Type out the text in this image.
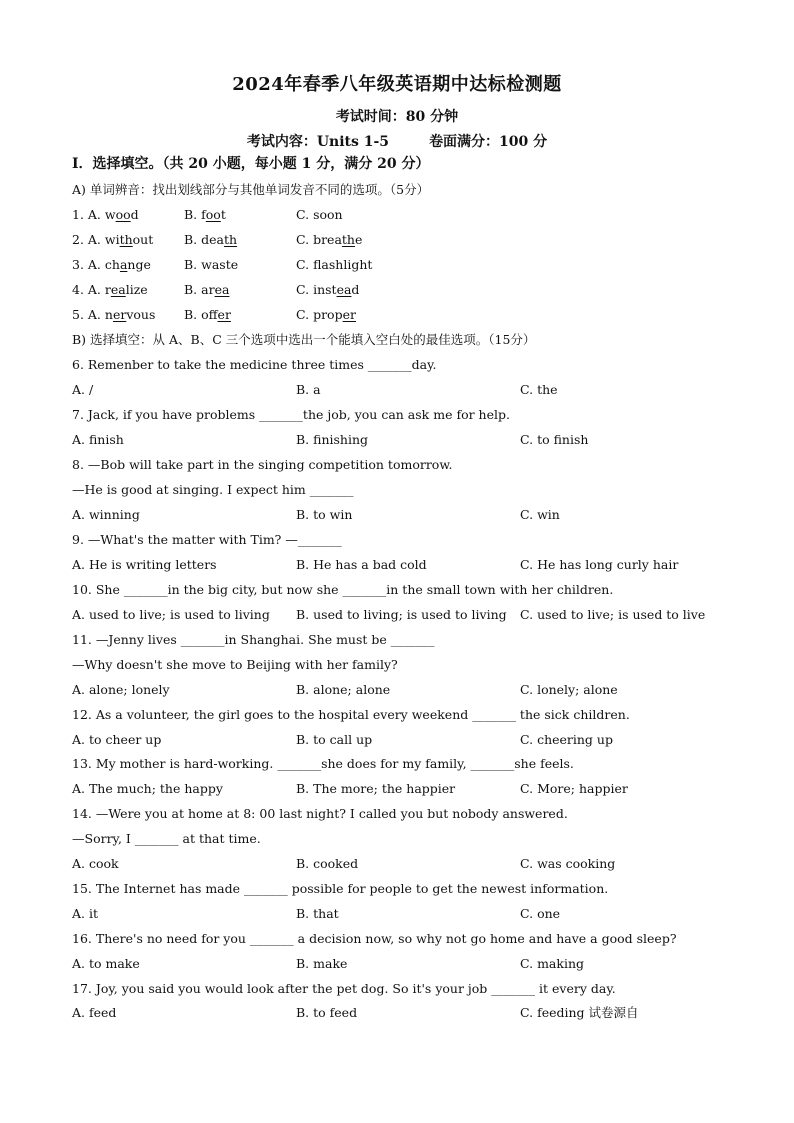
2024年春季八年级英语期中达标检测题
考试时间：80 分钟
考试内容：Units 1-5	卷面满分：100 分
I．选择填空。（共 20 小题，每小题 1 分，满分 20 分）
A) 单词辨音：找出划线部分与其他单词发音不同的选项。（5分）
1. A. wood	B. foot	C. soon
2. A. without B. death	C. breathe
3. A. change	B. waste	C. flashlight
4. A. realize	B. area	C. instead
5. A. nervous B. offer	C. proper
B) 选择填空：从 A、B、C 三个选项中选出一个能填入空白处的最佳选项。（15分）
6. Remenber to take the medicine three times _______day.
A. /	B. a	C. the
7. Jack, if you have problems _______the job, you can ask me for help.
A. finish	B. finishing	C. to finish
8. —Bob will take part in the singing competition tomorrow.
—He is good at singing. I expect him _______
A. winning	B. to win	C. win
9. —What's the matter with Tim? —_______
A. He is writing letters	B. He has a bad cold	C. He has long curly hair
10. She _______in the big city, but now she _______in the small town with her children.
A. used to live; is used to living B. used to living; is used to living C. used to live; is used to live
11. —Jenny lives _______in Shanghai. She must be _______
—Why doesn't she move to Beijing with her family?
A. alone; lonely	B. alone; alone	C. lonely; alone
12. As a volunteer, the girl goes to the hospital every weekend _______ the sick children.
A. to cheer up	B. to call up	C. cheering up
13. My mother is hard-working. _______she does for my family, _______she feels.
A. The much; the happy	B. The more; the happier	C. More; happier
14. —Were you at home at 8: 00 last night? I called you but nobody answered.
—Sorry, I _______ at that time.
A. cook	B. cooked	C. was cooking
15. The Internet has made _______ possible for people to get the newest information.
A. it	B. that	C. one
16. There's no need for you _______ a decision now, so why not go home and have a good sleep?
A. to make	B. make	C. making
17. Joy, you said you would look after the pet dog. So it's your job _______ it every day.
A. feed	B. to feed	C. feeding 试卷源自
